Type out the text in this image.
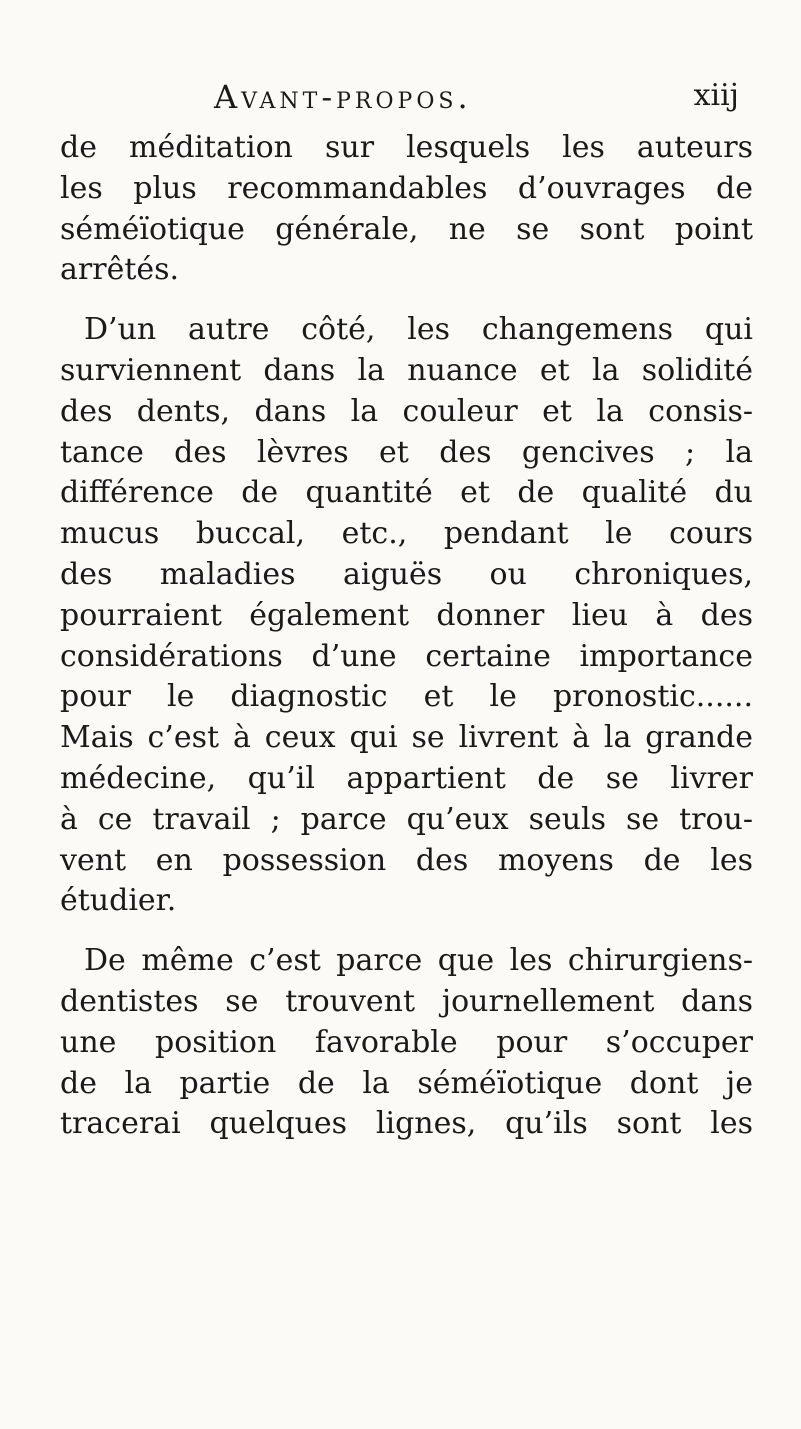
Avant-propos.	xiij

de méditation sur lesquels les auteurs
les plus recommandables d’ouvrages de
séméïotique générale, ne se sont point
arrêtés.

D’un autre côté, les changemens qui
surviennent dans la nuance et la solidité
des dents, dans la couleur et la consis-
tance des lèvres et des gencives ; la
différence de quantité et de qualité du
mucus buccal, etc., pendant le cours
des maladies aiguës ou chroniques,
pourraient également donner lieu à des
considérations d’une certaine importance
pour le diagnostic et le pronostic......
Mais c’est à ceux qui se livrent à la grande
médecine, qu’il appartient de se livrer
à ce travail ; parce qu’eux seuls se trou-
vent en possession des moyens de les
étudier.

De même c’est parce que les chirurgiens-
dentistes se trouvent journellement dans
une position favorable pour s’occuper
de la partie de la séméïotique dont je
tracerai quelques lignes, qu’ils sont les
